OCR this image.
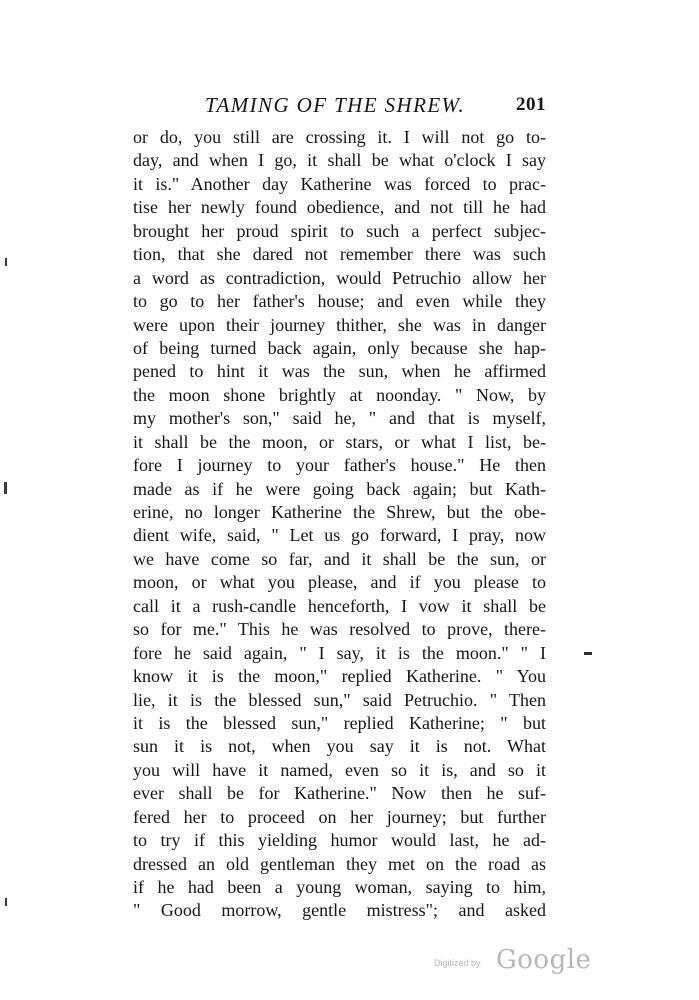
TAMING OF THE SHREW.	201
or do, you still are crossing it. I will not go to-
day, and when I go, it shall be what o'clock I say
it is." Another day Katherine was forced to prac-
tise her newly found obedience, and not till he had
brought her proud spirit to such a perfect subjec-
tion, that she dared not remember there was such
a word as contradiction, would Petruchio allow her
to go to her father's house; and even while they
were upon their journey thither, she was in danger
of being turned back again, only because she hap-
pened to hint it was the sun, when he affirmed
the moon shone brightly at noonday. " Now, by
my mother's son," said he, " and that is myself,
it shall be the moon, or stars, or what I list, be-
fore I journey to your father's house." He then
made as if he were going back again; but Kath-
erine, no longer Katherine the Shrew, but the obe-
dient wife, said, " Let us go forward, I pray, now
we have come so far, and it shall be the sun, or
moon, or what you please, and if you please to
call it a rush-candle henceforth, I vow it shall be
so for me." This he was resolved to prove, there-
fore he said again, " I say, it is the moon." " I
know it is the moon," replied Katherine. " You
lie, it is the blessed sun," said Petruchio. " Then
it is the blessed sun," replied Katherine; " but
sun it is not, when you say it is not. What
you will have it named, even so it is, and so it
ever shall be for Katherine." Now then he suf-
fered her to proceed on her journey; but further
to try if this yielding humor would last, he ad-
dressed an old gentleman they met on the road as
if he had been a young woman, saying to him,
" Good morrow, gentle mistress"; and asked
Digitized by Google
